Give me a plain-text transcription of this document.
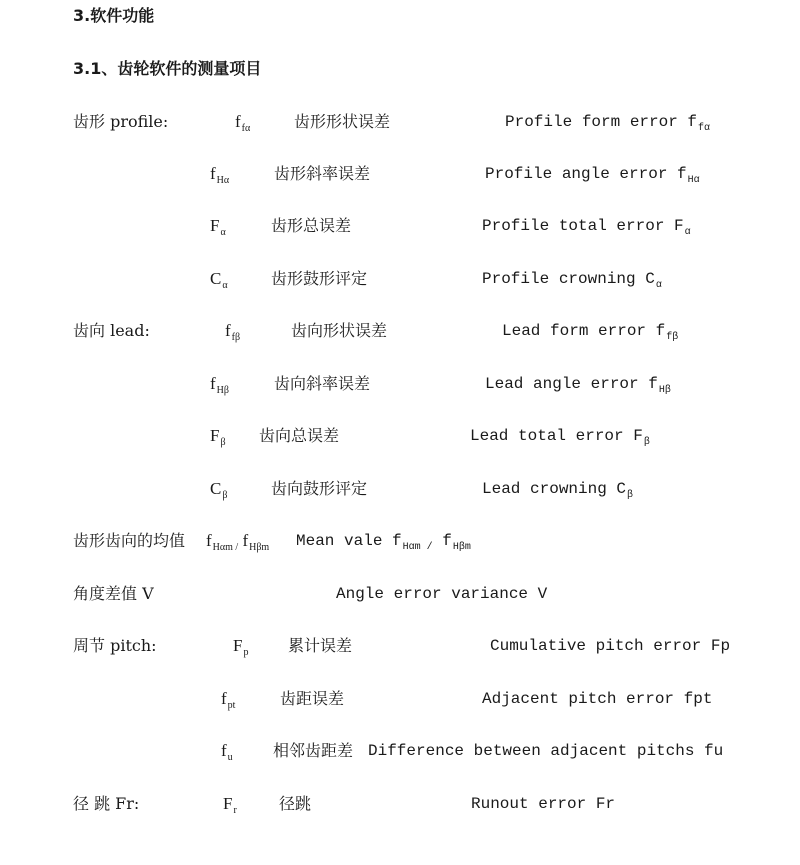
3.软件功能
3.1、齿轮软件的测量项目
齿形 profile:	$f_{f\alpha}$	齿形形状误差	Profile form error $f_{f\alpha}$
$f_{H\alpha}$	齿形斜率误差	Profile angle error $f_{H\alpha}$
$F_\alpha$	齿形总误差	Profile total error $F_\alpha$
$C_\alpha$	齿形鼓形评定	Profile crowning $C_\alpha$
齿向 lead:	$f_{f\beta}$	齿向形状误差	Lead form error $f_{f\beta}$
$f_{H\beta}$	齿向斜率误差	Lead angle error $f_{H\beta}$
$F_\beta$ 齿向总误差	Lead total error $F_\beta$
$C_\beta$	齿向鼓形评定	Lead crowning $C_\beta$
齿形齿向的均值 $f_{H\alpha m /}$ $f_{H\beta m}$ Mean vale $f_{H\alpha m /}$ $f_{H\beta m}$
角度差值 V	Angle error variance V
周节 pitch:	$F_p$ 累计误差	Cumulative pitch error Fp
$f_{pt}$	齿距误差	Adjacent pitch error fpt
$f_u$	相邻齿距差 Difference between adjacent pitchs fu
径 跳 Fr:	$F_r$	径跳	Runout error Fr
